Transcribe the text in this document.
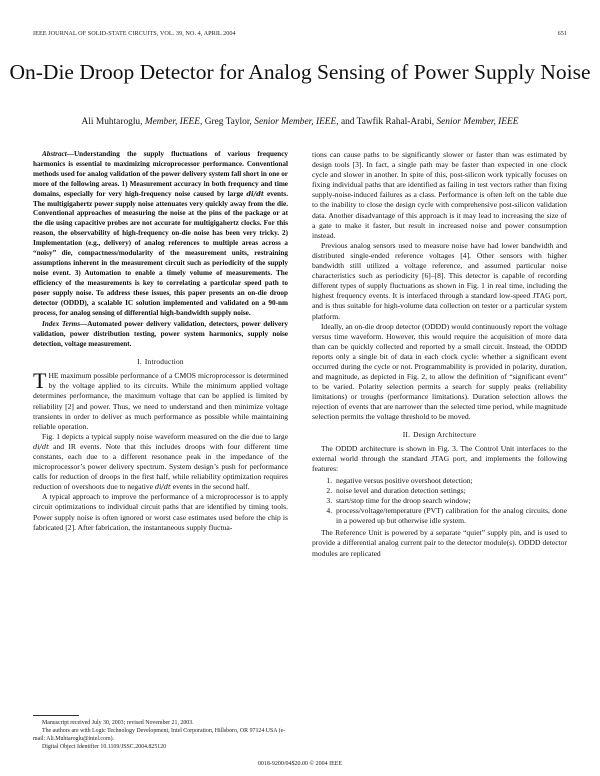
IEEE JOURNAL OF SOLID-STATE CIRCUITS, VOL. 39, NO. 4, APRIL 2004	651
On-Die Droop Detector for Analog Sensing of Power Supply Noise
Ali Muhtaroglu, Member, IEEE, Greg Taylor, Senior Member, IEEE, and Tawfik Rahal-Arabi, Senior Member, IEEE

Abstract—Understanding the supply fluctuations of various frequency harmonics is essential to maximizing microprocessor performance. Conventional methods used for analog validation of the power delivery system fall short in one or more of the following areas. 1) Measurement accuracy in both frequency and time domains, especially for very high-frequency noise caused by large di/dt events. The multigigahertz power supply noise attenuates very quickly away from the die. Conventional approaches of measuring the noise at the pins of the package or at the die using capacitive probes are not accurate for multigigahertz clocks. For this reason, the observability of high-frequency on-die noise has been very tricky. 2) Implementation (e.g., delivery) of analog references to multiple areas across a “noisy” die, compactness/modularity of the measurement units, restraining assumptions inherent in the measurement circuit such as periodicity of the supply noise event. 3) Automation to enable a timely volume of measurements. The efficiency of the measurements is key to correlating a particular speed path to poser supply noise. To address these issues, this paper presents an on-die droop detector (ODDD), a scalable IC solution implemented and validated on a 90-nm process, for analog sensing of differential high-bandwidth supply noise.

Index Terms—Automated power delivery validation, detectors, power delivery validation, power distribution testing, power system harmonics, supply noise detection, voltage measurement.

I. Introduction

THE maximum possible performance of a CMOS microprocessor is determined by the voltage applied to its circuits. While the minimum applied voltage determines performance, the maximum voltage that can be applied is limited by reliability [2] and power. Thus, we need to understand and then minimize voltage transients in order to deliver as much performance as possible while maintaining reliable operation.

Fig. 1 depicts a typical supply noise waveform measured on the die due to large di/dt and IR events. Note that this includes droops with four different time constants, each due to a different resonance peak in the impedance of the microprocessor’s power delivery spectrum. System design’s push for performance calls for reduction of droops in the first half, while reliability optimization requires reduction of overshoots due to negative di/dt events in the second half.

A typical approach to improve the performance of a microprocessor is to apply circuit optimizations to individual circuit paths that are identified by timing tools. Power supply noise is often ignored or worst case estimates used before the chip is fabricated [2]. After fabrication, the instantaneous supply fluctua-

tions can cause paths to be significantly slower or faster than was estimated by design tools [3]. In fact, a single path may be faster than expected in one clock cycle and slower in another. In spite of this, post-silicon work typically focuses on fixing individual paths that are identified as failing in test vectors rather than fixing supply-noise-induced failures as a class. Performance is often left on the table due to the inability to close the design cycle with comprehensive post-silicon validation data. Another disadvantage of this approach is it may lead to increasing the size of a gate to make it faster, but result in increased noise and power consumption instead.

Previous analog sensors used to measure noise have had lower bandwidth and distributed single-ended reference voltages [4]. Other sensors with higher bandwidth still utilized a voltage reference, and assumed particular noise characteristics such as periodicity [6]–[8]. This detector is capable of recording different types of supply fluctuations as shown in Fig. 1 in real time, including the highest frequency events. It is interfaced through a standard low-speed JTAG port, and is thus suitable for high-volume data collection on tester or a particular system platform.

Ideally, an on-die droop detector (ODDD) would continuously report the voltage versus time waveform. However, this would require the acquisition of more data than can be quickly collected and reported by a small circuit. Instead, the ODDD reports only a single bit of data in each clock cycle: whether a significant event occurred during the cycle or not. Programmability is provided in polarity, duration, and magnitude, as depicted in Fig. 2, to allow the definition of “significant event” to be varied. Polarity selection permits a search for supply peaks (reliability limitations) or troughs (performance limitations). Duration selection allows the rejection of events that are narrower than the selected time period, while magnitude selection permits the voltage threshold to be moved.

II. Design Architecture

The ODDD architecture is shown in Fig. 3. The Control Unit interfaces to the external world through the standard JTAG port, and implements the following features:

1. negative versus positive overshoot detection;
2. noise level and duration detection settings;
3. start/stop time for the droop search window;
4. process/voltage/temperature (PVT) calibration for the analog circuits, done in a powered up but otherwise idle system.

The Reference Unit is powered by a separate “quiet” supply pin, and is used to provide a differential analog current pair to the detector module(s). ODDD detector modules are replicated

Manuscript received July 30, 2003; revised November 21, 2003.

The authors are with Logic Technology Development, Intel Corporation, Hillsboro, OR 97124 USA (e-mail: Ali.Muhtaroglu@intel.com).

Digital Object Identifier 10.1109/JSSC.2004.825120

0018-9200/04$20.00 © 2004 IEEE
